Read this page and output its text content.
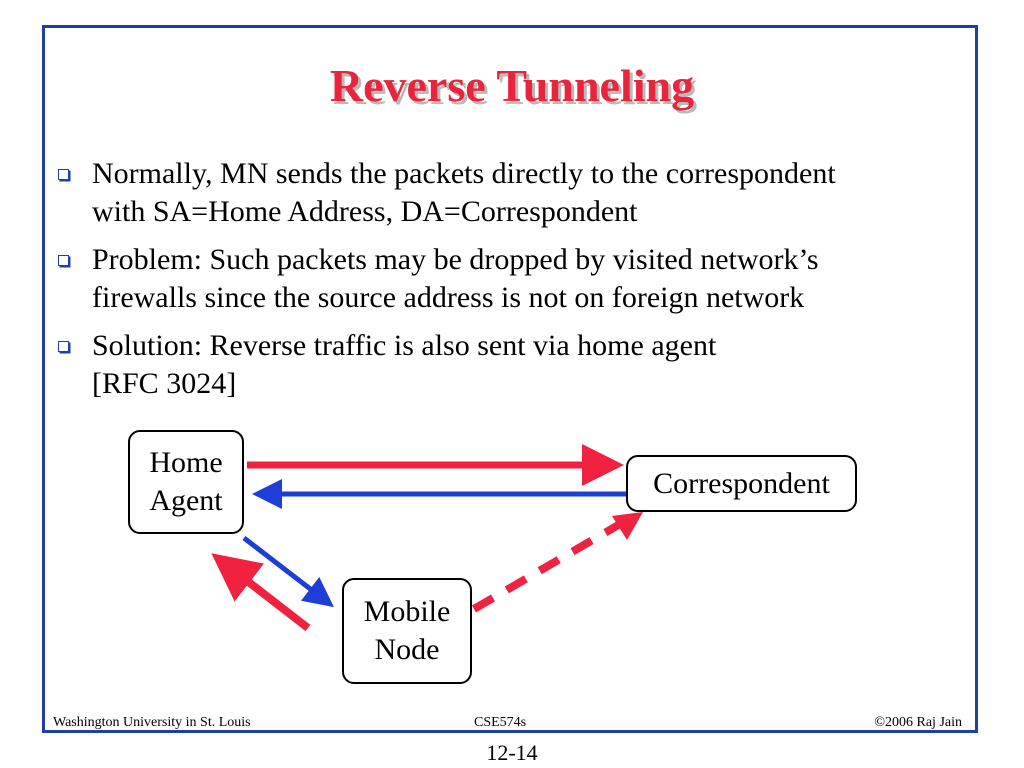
Reverse Tunneling
Normally, MN sends the packets directly to the correspondent
with SA=Home Address, DA=Correspondent
Problem: Such packets may be dropped by visited network’s
firewalls since the source address is not on foreign network
Solution: Reverse traffic is also sent via home agent
[RFC 3024]
Home
Agent
Correspondent
Mobile
Node
Washington University in St. Louis	CSE574s	©2006 Raj Jain
12-14
